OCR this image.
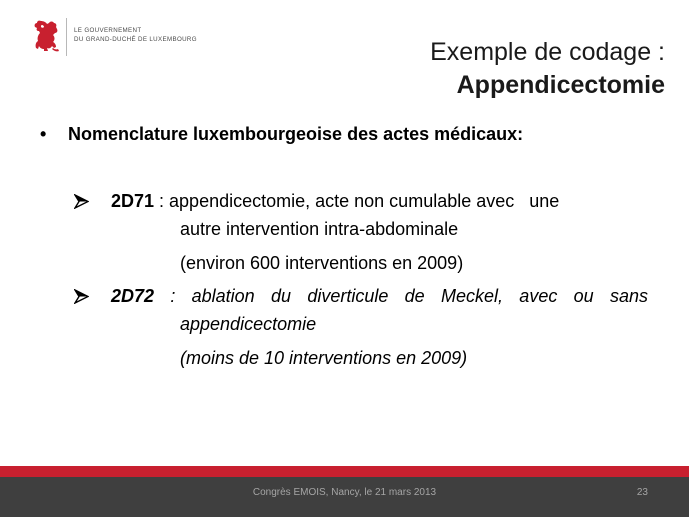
LE GOUVERNEMENT
DU GRAND-DUCHÉ DE LUXEMBOURG	Exemple de codage :
Appendicectomie
•	Nomenclature luxembourgeoise des actes médicaux:
2D71 : appendicectomie, acte non cumulable avec   une
autre intervention intra-abdominale
(environ 600 interventions en 2009)
2D72 : ablation du diverticule de Meckel, avec ou sans
appendicectomie
(moins de 10 interventions en 2009)
Congrès EMOIS, Nancy, le 21 mars 2013	23
